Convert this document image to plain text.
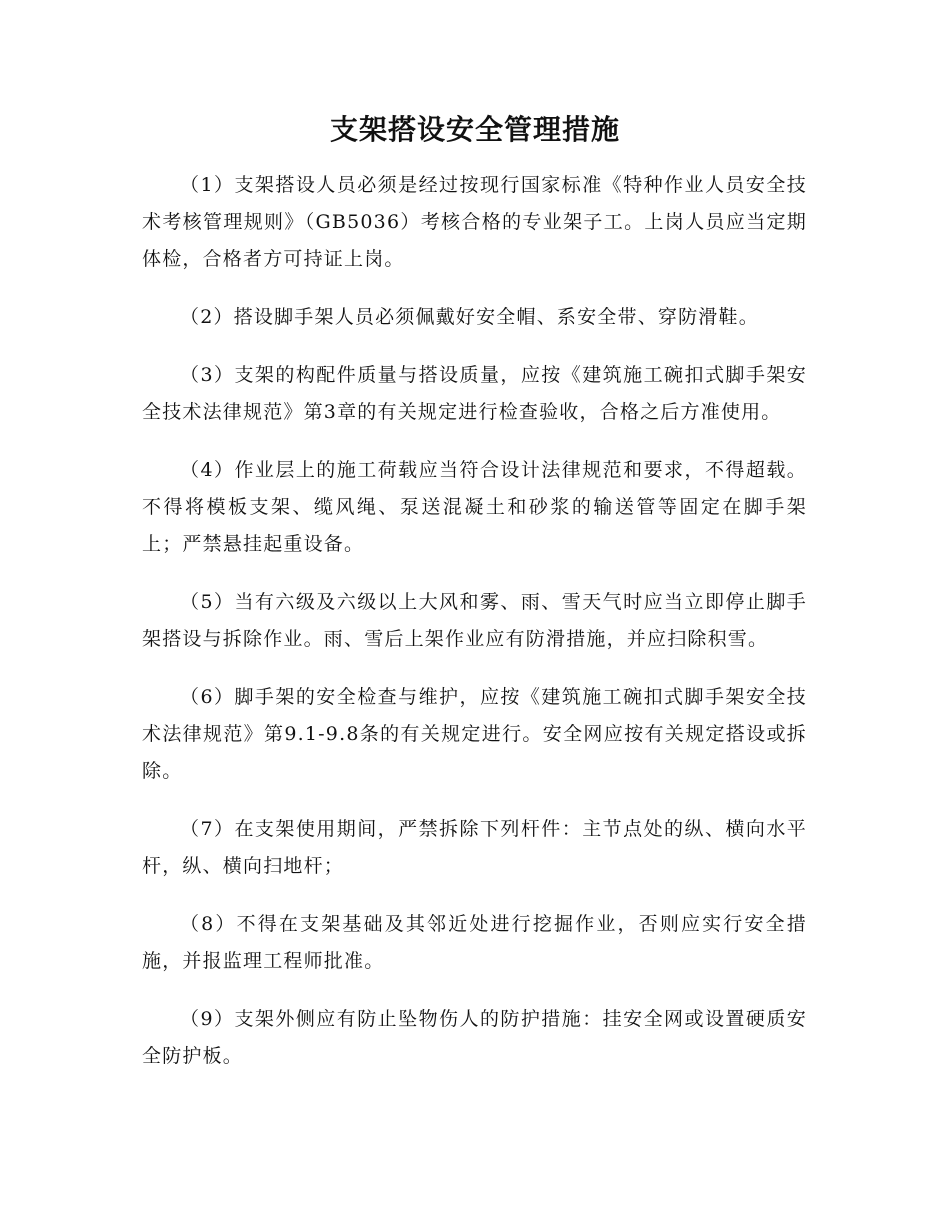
支架搭设安全管理措施

（1）支架搭设人员必须是经过按现行国家标准《特种作业人员安全技术考核管理规则》（GB5036）考核合格的专业架子工。上岗人员应当定期体检，合格者方可持证上岗。

（2）搭设脚手架人员必须佩戴好安全帽、系安全带、穿防滑鞋。

（3）支架的构配件质量与搭设质量，应按《建筑施工碗扣式脚手架安全技术法律规范》第3章的有关规定进行检查验收，合格之后方准使用。

（4）作业层上的施工荷载应当符合设计法律规范和要求，不得超载。不得将模板支架、缆风绳、泵送混凝土和砂浆的输送管等固定在脚手架上；严禁悬挂起重设备。

（5）当有六级及六级以上大风和雾、雨、雪天气时应当立即停止脚手架搭设与拆除作业。雨、雪后上架作业应有防滑措施，并应扫除积雪。

（6）脚手架的安全检查与维护，应按《建筑施工碗扣式脚手架安全技术法律规范》第9.1-9.8条的有关规定进行。安全网应按有关规定搭设或拆除。

（7）在支架使用期间，严禁拆除下列杆件：主节点处的纵、横向水平杆，纵、横向扫地杆；

（8）不得在支架基础及其邻近处进行挖掘作业，否则应实行安全措施，并报监理工程师批准。

（9）支架外侧应有防止坠物伤人的防护措施：挂安全网或设置硬质安全防护板。
